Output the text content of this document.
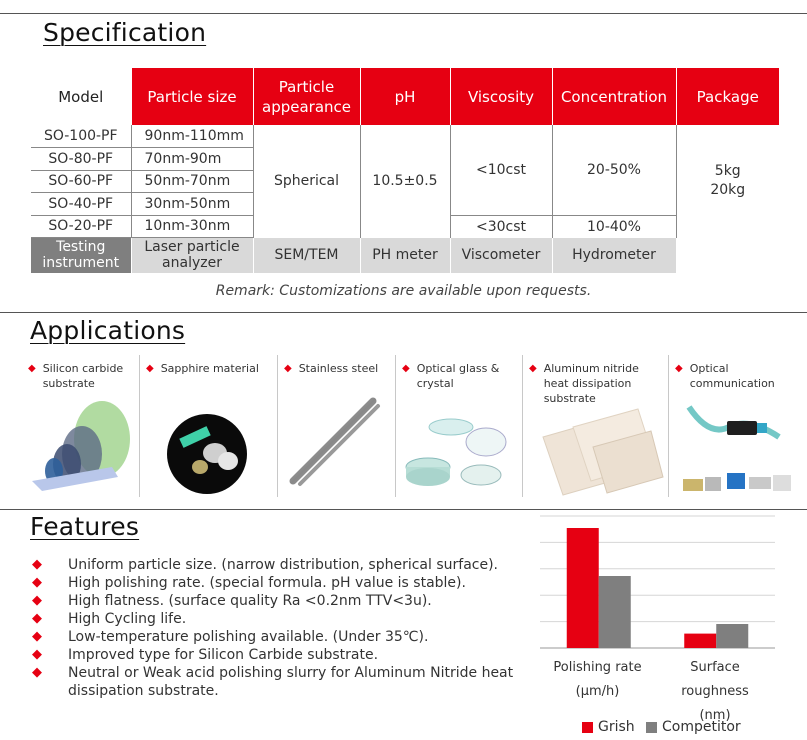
Specification
Model	Particle size	Particle appearance	pH	Viscosity	Concentration	Package
SO-100-PF	90nm-110mm	Spherical	10.5±0.5	<10cst	20-50%	5kg
20kg

SO-80-PF	70nm-90m					
SO-60-PF	50nm-70nm					
SO-40-PF	30nm-50nm					
SO-20-PF	10nm-30nm			<30cst	10-40%	
Testing instrument	Laser particle analyzer	SEM/TEM	PH meter	Viscometer	Hydrometer	
Remark: Customizations are available upon requests.
Applications
◆ Silicon carbide substrate
◆ Sapphire material	◆ Stainless steel ◆ Optical glass & crystal
◆ Aluminum nitride heat dissipation substrate
◆ Optical communication
Features
◆ Uniform particle size. (narrow distribution, spherical surface).
◆ High polishing rate. (special formula. pH value is stable).
◆ High flatness. (surface quality Ra <0.2nm TTV<3u).
◆ High Cycling life.
◆ Low-temperature polishing available. (Under 35℃).
◆ Improved type for Silicon Carbide substrate.
◆ Neutral or Weak acid polishing slurry for Aluminum Nitride heat dissipation substrate.
Polishing rate
(μm/h)
Surface roughness
(nm)
Grish Competitor
